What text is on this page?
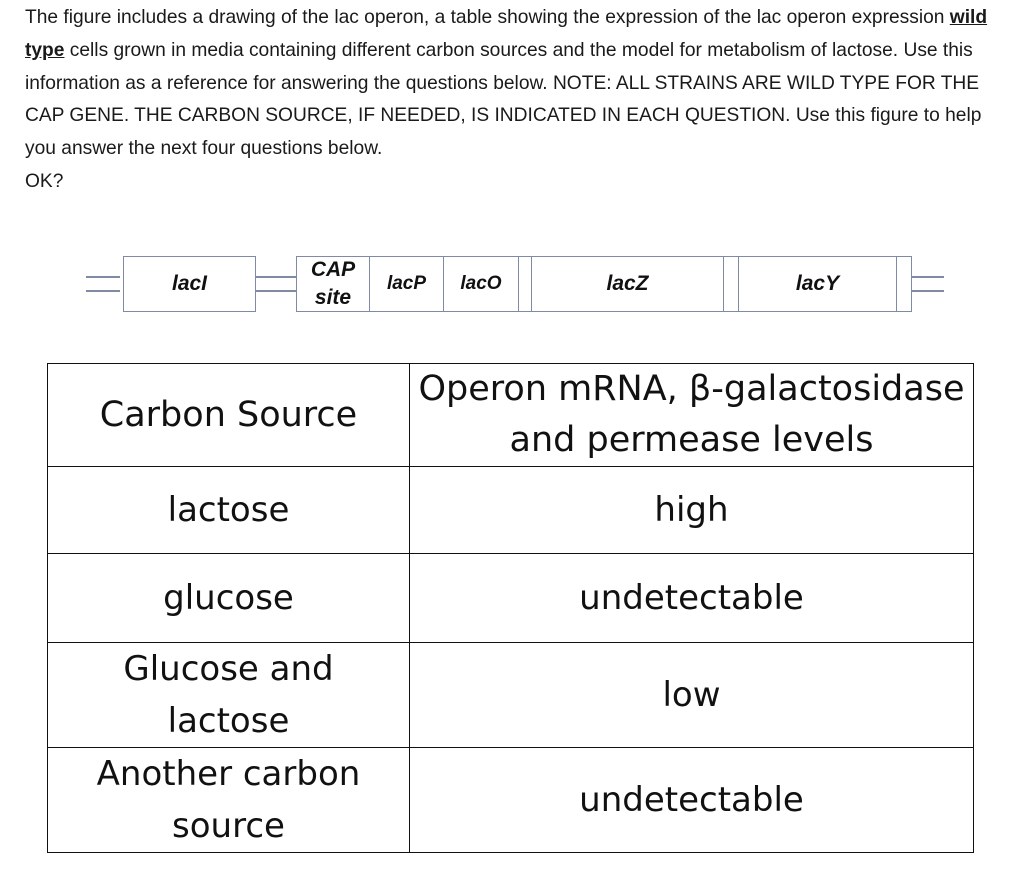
The figure includes a drawing of the lac operon, a table showing the expression of the lac operon expression wild type cells grown in media containing different carbon sources and the model for metabolism of lactose. Use this information as a reference for answering the questions below. NOTE: ALL STRAINS ARE WILD TYPE FOR THE CAP GENE. THE CARBON SOURCE, IF NEEDED, IS INDICATED IN EACH QUESTION. Use this figure to help you answer the next four questions below.
OK?
lacI
CAP
site
lacP lacO	lacZ	lacY
Carbon Source	Operon mRNA, β-galactosidase
and permease levels
lactose	high
glucose	undetectable
Glucose and
lactose	low
Another carbon
source	undetectable
